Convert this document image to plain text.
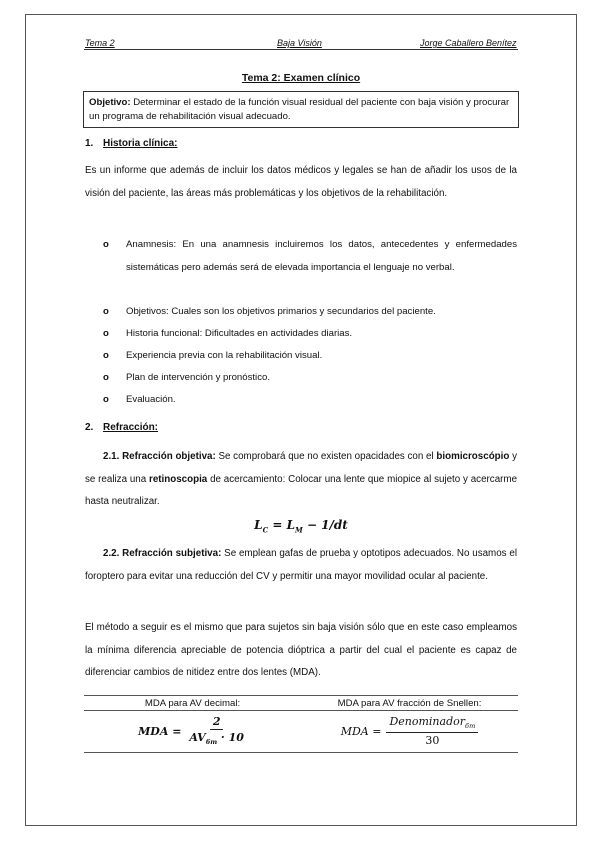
Tema 2	Baja Visión	Jorge Caballero Benítez
Tema 2: Examen clínico
Objetivo: Determinar el estado de la función visual residual del paciente con baja visión y procurar un programa de rehabilitación visual adecuado.
1. Historia clínica:
Es un informe que además de incluir los datos médicos y legales se han de añadir los usos de la visión del paciente, las áreas más problemáticas y los objetivos de la rehabilitación.
o Anamnesis: En una anamnesis incluiremos los datos, antecedentes y enfermedades sistemáticas pero además será de elevada importancia el lenguaje no verbal.
o Objetivos: Cuales son los objetivos primarios y secundarios del paciente.
o Historia funcional: Dificultades en actividades diarias.
o Experiencia previa con la rehabilitación visual.
o Plan de intervención y pronóstico.
o Evaluación.
2. Refracción:
2.1. Refracción objetiva: Se comprobará que no existen opacidades con el biomicroscópio y se realiza una retinoscopia de acercamiento: Colocar una lente que miopice al sujeto y acercarme hasta neutralizar.
$L_C = L_M - 1/dt$
2.2. Refracción subjetiva: Se emplean gafas de prueba y optotipos adecuados. No usamos el foroptero para evitar una reducción del CV y permitir una mayor movilidad ocular al paciente.
El método a seguir es el mismo que para sujetos sin baja visión sólo que en este caso empleamos la mínima diferencia apreciable de potencia dióptrica a partir del cual el paciente es capaz de diferenciar cambios de nitidez entre dos lentes (MDA).
MDA para AV decimal:	MDA para AV fracción de Snellen:
MDA = $\frac{2}{AV_{6m} \cdot 10}$	MDA = $\frac{Denominador_{6m}}{30}$
